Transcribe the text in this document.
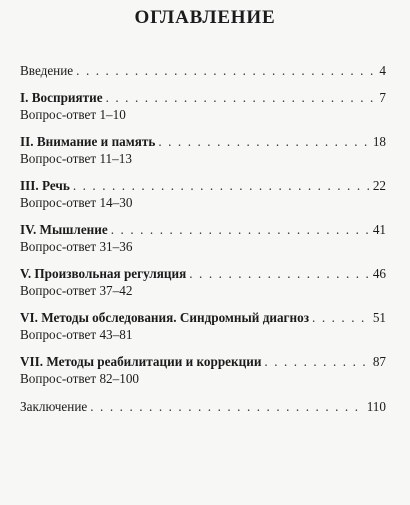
ОГЛАВЛЕНИЕ
Введение . . .	4
I. Восприятие . . .	7
Вопрос-ответ 1–10
II. Внимание и память . . .	18
Вопрос-ответ 11–13
III. Речь . . .	22
Вопрос-ответ 14–30
IV. Мышление . . .	41
Вопрос-ответ 31–36
V. Произвольная регуляция . . .	46
Вопрос-ответ 37–42
VI. Методы обследования. Синдромный диагноз . . .	51
Вопрос-ответ 43–81
VII. Методы реабилитации и коррекции . . .	87
Вопрос-ответ 82–100
Заключение . . .	110
